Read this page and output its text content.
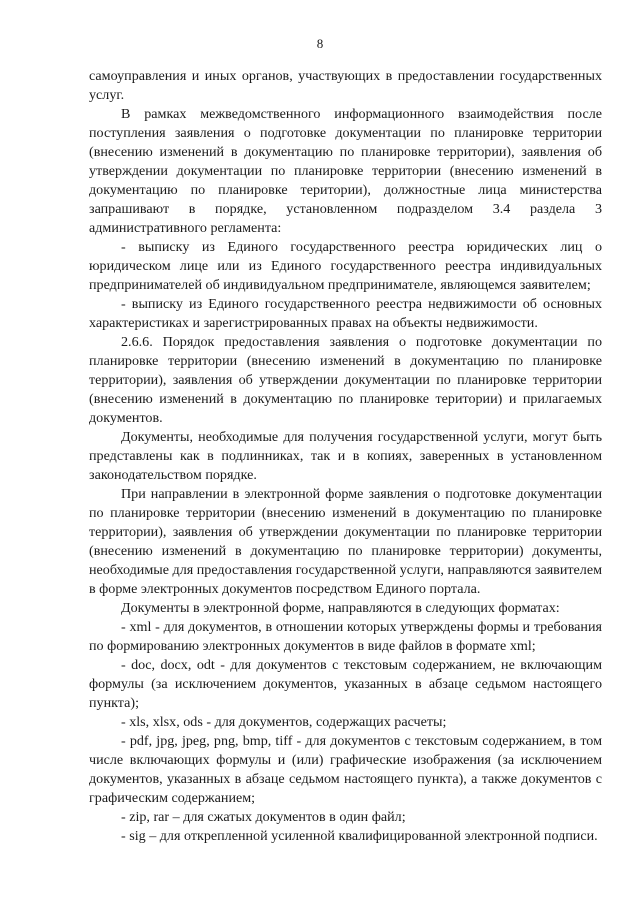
8

самоуправления и иных органов, участвующих в предоставлении государственных услуг.

В рамках межведомственного информационного взаимодействия после поступления заявления о подготовке документации по планировке территории (внесению изменений в документацию по планировке территории), заявления об утверждении документации по планировке территории (внесению изменений в документацию по планировке територии), должностные лица министерства запрашивают в порядке, установленном подразделом 3.4 раздела 3 административного регламента:

- выписку из Единого государственного реестра юридических лиц о юридическом лице или из Единого государственного реестра индивидуальных предпринимателей об индивидуальном предпринимателе, являющемся заявителем;

- выписку из Единого государственного реестра недвижимости об основных характеристиках и зарегистрированных правах на объекты недвижимости.

2.6.6. Порядок предоставления заявления о подготовке документации по планировке территории (внесению изменений в документацию по планировке территории), заявления об утверждении документации по планировке территории (внесению изменений в документацию по планировке територии) и прилагаемых документов.

Документы, необходимые для получения государственной услуги, могут быть представлены как в подлинниках, так и в копиях, заверенных в установленном законодательством порядке.

При направлении в электронной форме заявления о подготовке документации по планировке территории (внесению изменений в документацию по планировке территории), заявления об утверждении документации по планировке территории (внесению изменений в документацию по планировке территории) документы, необходимые для предоставления государственной услуги, направляются заявителем в форме электронных документов посредством Единого портала.

Документы в электронной форме, направляются в следующих форматах:

- xml - для документов, в отношении которых утверждены формы и требования по формированию электронных документов в виде файлов в формате xml;

- doc, docx, odt - для документов с текстовым содержанием, не включающим формулы (за исключением документов, указанных в абзаце седьмом настоящего пункта);

- xls, xlsx, ods - для документов, содержащих расчеты;

- pdf, jpg, jpeg, png, bmp, tiff - для документов с текстовым содержанием, в том числе включающих формулы и (или) графические изображения (за исключением документов, указанных в абзаце седьмом настоящего пункта), а также документов с графическим содержанием;

- zip, rar – для сжатых документов в один файл;

- sig – для открепленной усиленной квалифицированной электронной подписи.
